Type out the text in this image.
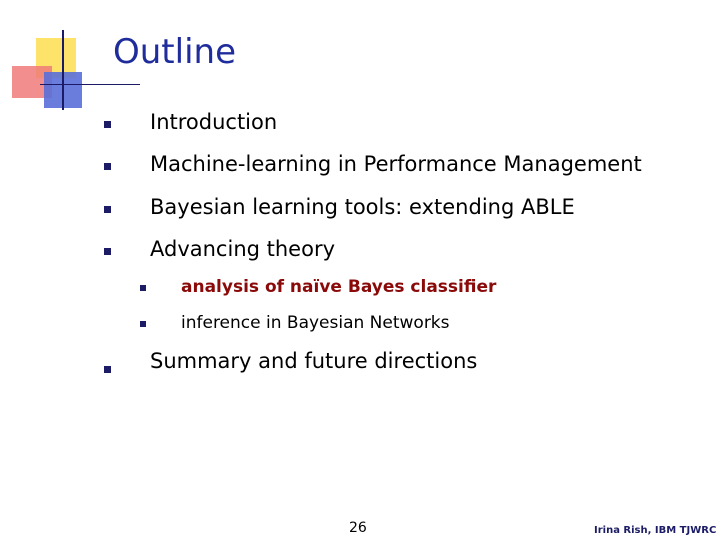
Outline
Introduction
Machine-learning in Performance Management
Bayesian learning tools: extending ABLE
Advancing theory
analysis of naïve Bayes classifier
inference in Bayesian Networks
Summary and future directions
26	Irina Rish, IBM TJWRC
